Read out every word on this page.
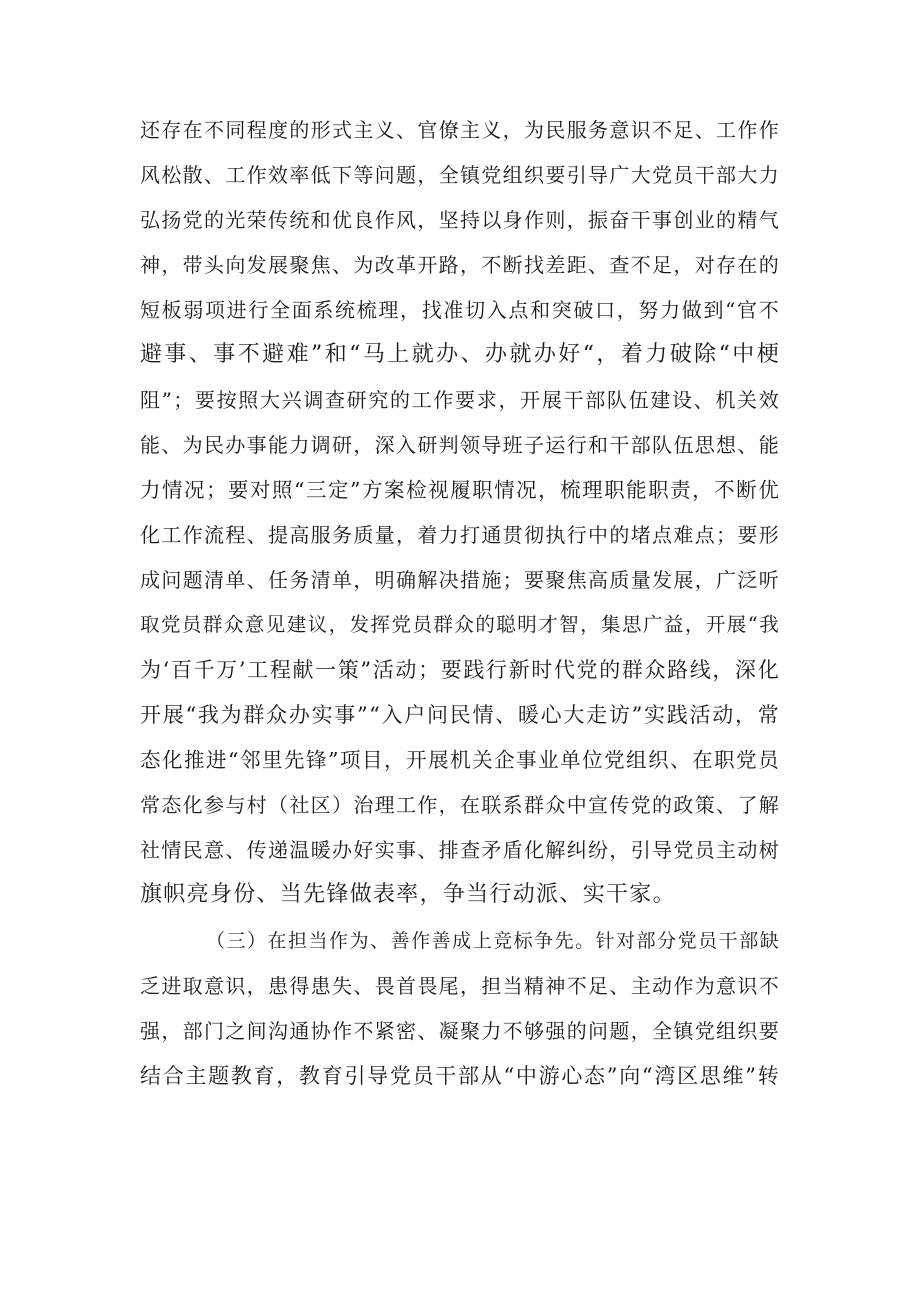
还存在不同程度的形式主义、官僚主义，为民服务意识不足、工作作
风松散、工作效率低下等问题，全镇党组织要引导广大党员干部大力
弘扬党的光荣传统和优良作风，坚持以身作则，振奋干事创业的精气
神，带头向发展聚焦、为改革开路，不断找差距、查不足，对存在的
短板弱项进行全面系统梳理，找准切入点和突破口，努力做到“官不
避事、事不避难”和“马上就办、办就办好“，着力破除“中梗
阻”；要按照大兴调查研究的工作要求，开展干部队伍建设、机关效
能、为民办事能力调研，深入研判领导班子运行和干部队伍思想、能
力情况；要对照“三定”方案检视履职情况，梳理职能职责，不断优
化工作流程、提高服务质量，着力打通贯彻执行中的堵点难点；要形
成问题清单、任务清单，明确解决措施；要聚焦高质量发展，广泛听
取党员群众意见建议，发挥党员群众的聪明才智，集思广益，开展“我
为‘百千万’工程献一策”活动；要践行新时代党的群众路线，深化
开展“我为群众办实事”“入户问民情、暖心大走访”实践活动，常
态化推进“邻里先锋”项目，开展机关企事业单位党组织、在职党员
常态化参与村（社区）治理工作，在联系群众中宣传党的政策、了解
社情民意、传递温暖办好实事、排查矛盾化解纠纷，引导党员主动树
旗帜亮身份、当先锋做表率，争当行动派、实干家。
（三）在担当作为、善作善成上竞标争先。针对部分党员干部缺
乏进取意识，患得患失、畏首畏尾，担当精神不足、主动作为意识不
强，部门之间沟通协作不紧密、凝聚力不够强的问题，全镇党组织要
结合主题教育，教育引导党员干部从“中游心态”向“湾区思维”转
